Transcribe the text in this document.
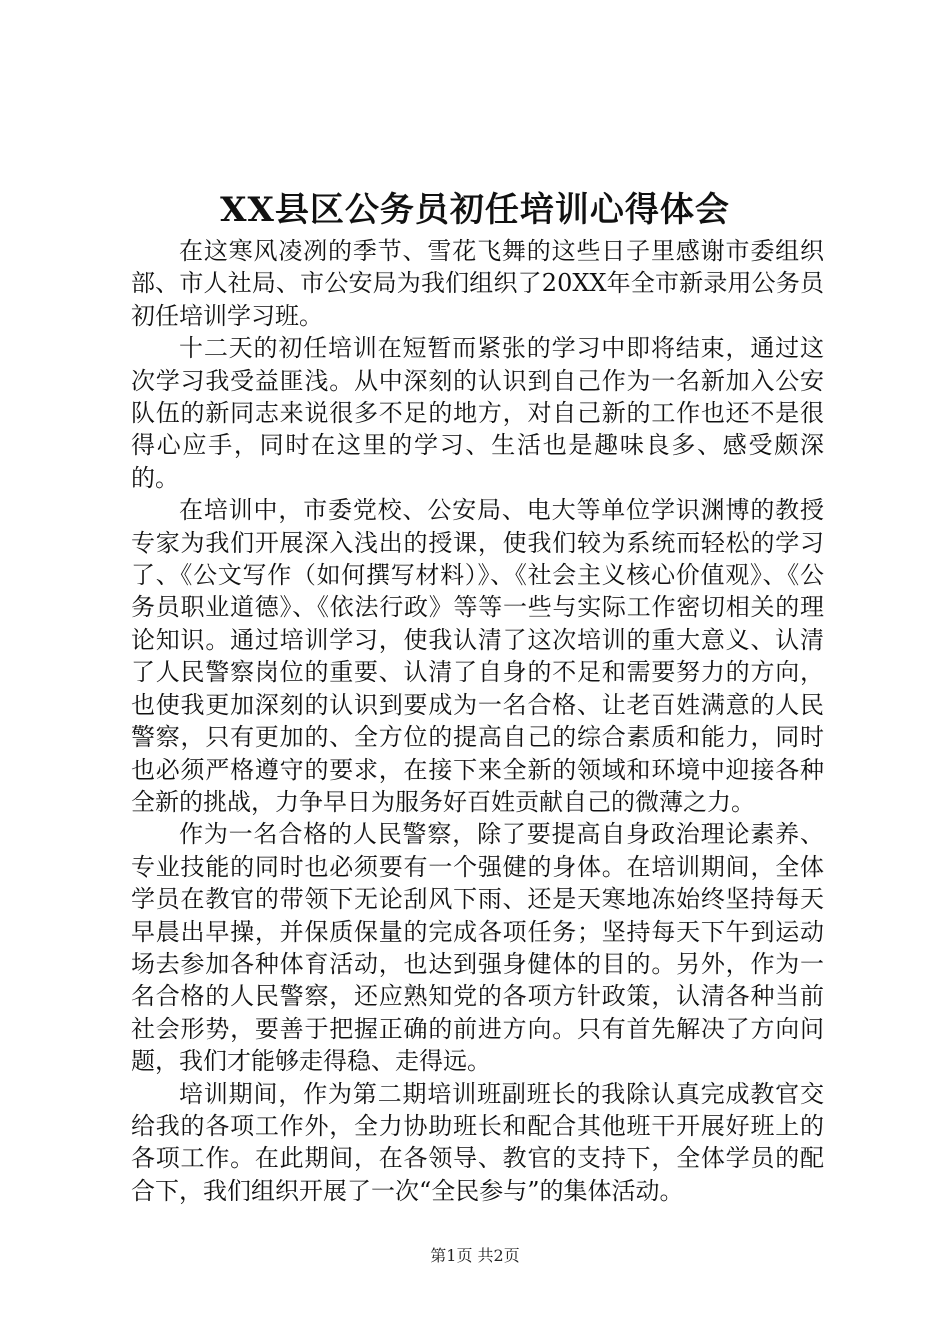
XX县区公务员初任培训心得体会

在这寒风凌冽的季节、雪花飞舞的这些日子里感谢市委组织部、市人社局、市公安局为我们组织了20XX年全市新录用公务员初任培训学习班。

十二天的初任培训在短暂而紧张的学习中即将结束，通过这次学习我受益匪浅。从中深刻的认识到自己作为一名新加入公安队伍的新同志来说很多不足的地方，对自己新的工作也还不是很得心应手，同时在这里的学习、生活也是趣味良多、感受颇深的。

在培训中，市委党校、公安局、电大等单位学识渊博的教授专家为我们开展深入浅出的授课，使我们较为系统而轻松的学习了、《公文写作（如何撰写材料）》、《社会主义核心价值观》、《公务员职业道德》、《依法行政》等等一些与实际工作密切相关的理论知识。通过培训学习，使我认清了这次培训的重大意义、认清了人民警察岗位的重要、认清了自身的不足和需要努力的方向，也使我更加深刻的认识到要成为一名合格、让老百姓满意的人民警察，只有更加的、全方位的提高自己的综合素质和能力，同时也必须严格遵守的要求，在接下来全新的领域和环境中迎接各种全新的挑战，力争早日为服务好百姓贡献自己的微薄之力。

作为一名合格的人民警察，除了要提高自身政治理论素养、专业技能的同时也必须要有一个强健的身体。在培训期间，全体学员在教官的带领下无论刮风下雨、还是天寒地冻始终坚持每天早晨出早操，并保质保量的完成各项任务；坚持每天下午到运动场去参加各种体育活动，也达到强身健体的目的。另外，作为一名合格的人民警察，还应熟知党的各项方针政策，认清各种当前社会形势，要善于把握正确的前进方向。只有首先解决了方向问题，我们才能够走得稳、走得远。

培训期间，作为第二期培训班副班长的我除认真完成教官交给我的各项工作外，全力协助班长和配合其他班干开展好班上的各项工作。在此期间，在各领导、教官的支持下，全体学员的配合下，我们组织开展了一次“全民参与”的集体活动。

第1页 共2页
